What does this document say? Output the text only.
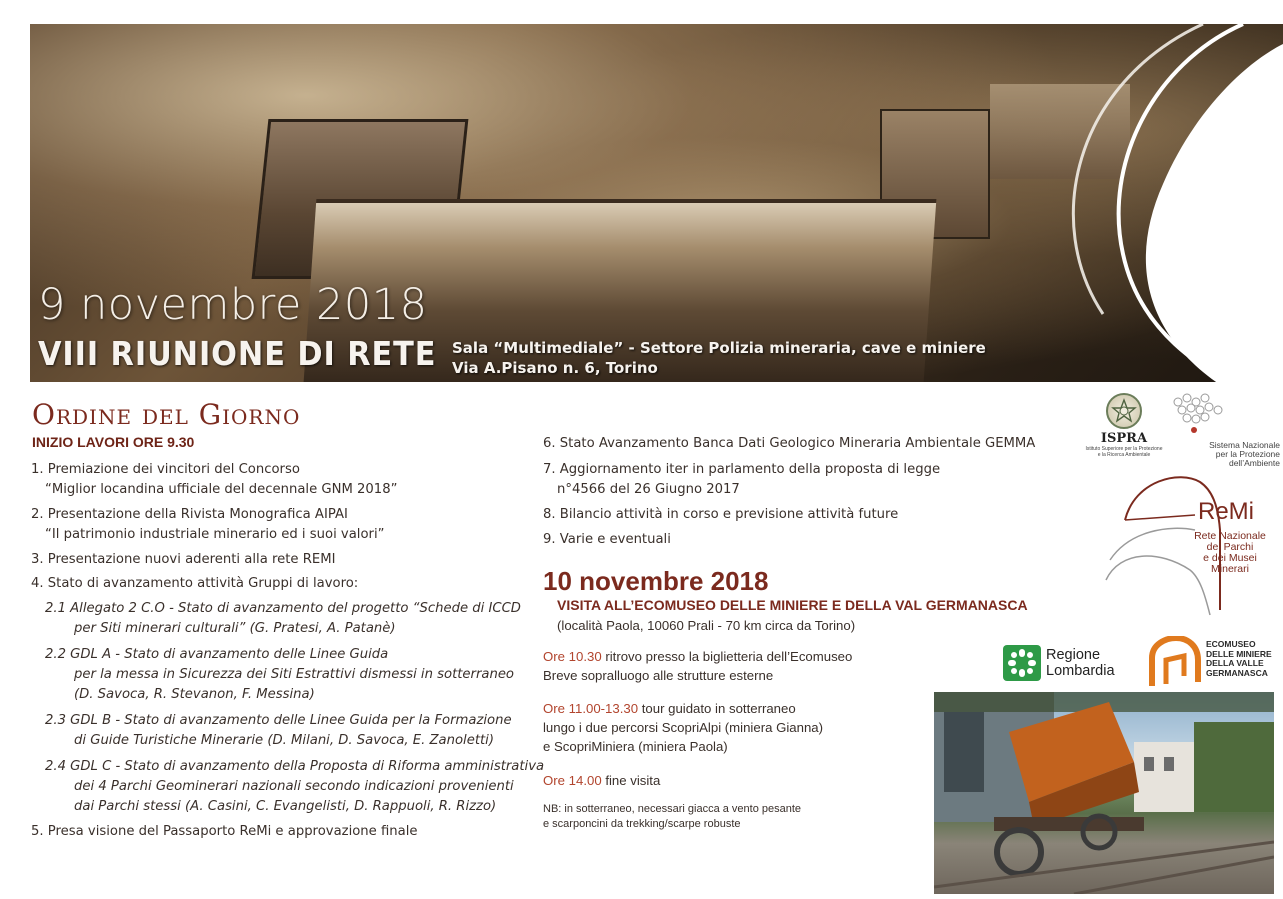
9 novembre 2018
VIII RIUNIONE DI RETE Sala “Multimediale” - Settore Polizia mineraria, cave e miniere
Via A.Pisano n. 6, Torino
Ordine del Giorno
INIZIO LAVORI ORE 9.30
1. Premiazione dei vincitori del Concorso
“Miglior locandina ufficiale del decennale GNM 2018”
2. Presentazione della Rivista Monografica AIPAI
“Il patrimonio industriale minerario ed i suoi valori”
3. Presentazione nuovi aderenti alla rete REMI
4. Stato di avanzamento attività Gruppi di lavoro:
2.1 Allegato 2 C.O - Stato di avanzamento del progetto “Schede di ICCD
per Siti minerari culturali” (G. Pratesi, A. Patanè)
2.2 GDL A - Stato di avanzamento delle Linee Guida
per la messa in Sicurezza dei Siti Estrattivi dismessi in sotterraneo
(D. Savoca, R. Stevanon, F. Messina)
2.3 GDL B - Stato di avanzamento delle Linee Guida per la Formazione
di Guide Turistiche Minerarie (D. Milani, D. Savoca, E. Zanoletti)
2.4 GDL C - Stato di avanzamento della Proposta di Riforma amministrativa
dei 4 Parchi Geominerari nazionali secondo indicazioni provenienti
dai Parchi stessi (A. Casini, C. Evangelisti, D. Rappuoli, R. Rizzo)
5. Presa visione del Passaporto ReMi e approvazione finale
6. Stato Avanzamento Banca Dati Geologico Mineraria Ambientale GEMMA
7. Aggiornamento iter in parlamento della proposta di legge
n°4566 del 26 Giugno 2017
8. Bilancio attività in corso e previsione attività future
9. Varie e eventuali
10 novembre 2018
VISITA ALL’ECOMUSEO DELLE MINIERE E DELLA VAL GERMANASCA
(località Paola, 10060 Prali - 70 km circa da Torino)
Ore 10.30 ritrovo presso la biglietteria dell’Ecomuseo
Breve sopralluogo alle strutture esterne
Ore 11.00-13.30 tour guidato in sotterraneo
lungo i due percorsi ScopriAlpi (miniera Gianna)
e ScopriMiniera (miniera Paola)
Ore 14.00 fine visita
NB: in sotterraneo, necessari giacca a vento pesante
e scarponcini da trekking/scarpe robuste
ISPRA
Istituto Superiore per la Protezione
e la Ricerca Ambientale
Sistema Nazionale
per la Protezione
dell’Ambiente
ReMi
Rete Nazionale
dei Parchi
e dei Musei
Minerari
Regione
Lombardia
ECOMUSEO
DELLE MINIERE
DELLA VALLE
GERMANASCA
